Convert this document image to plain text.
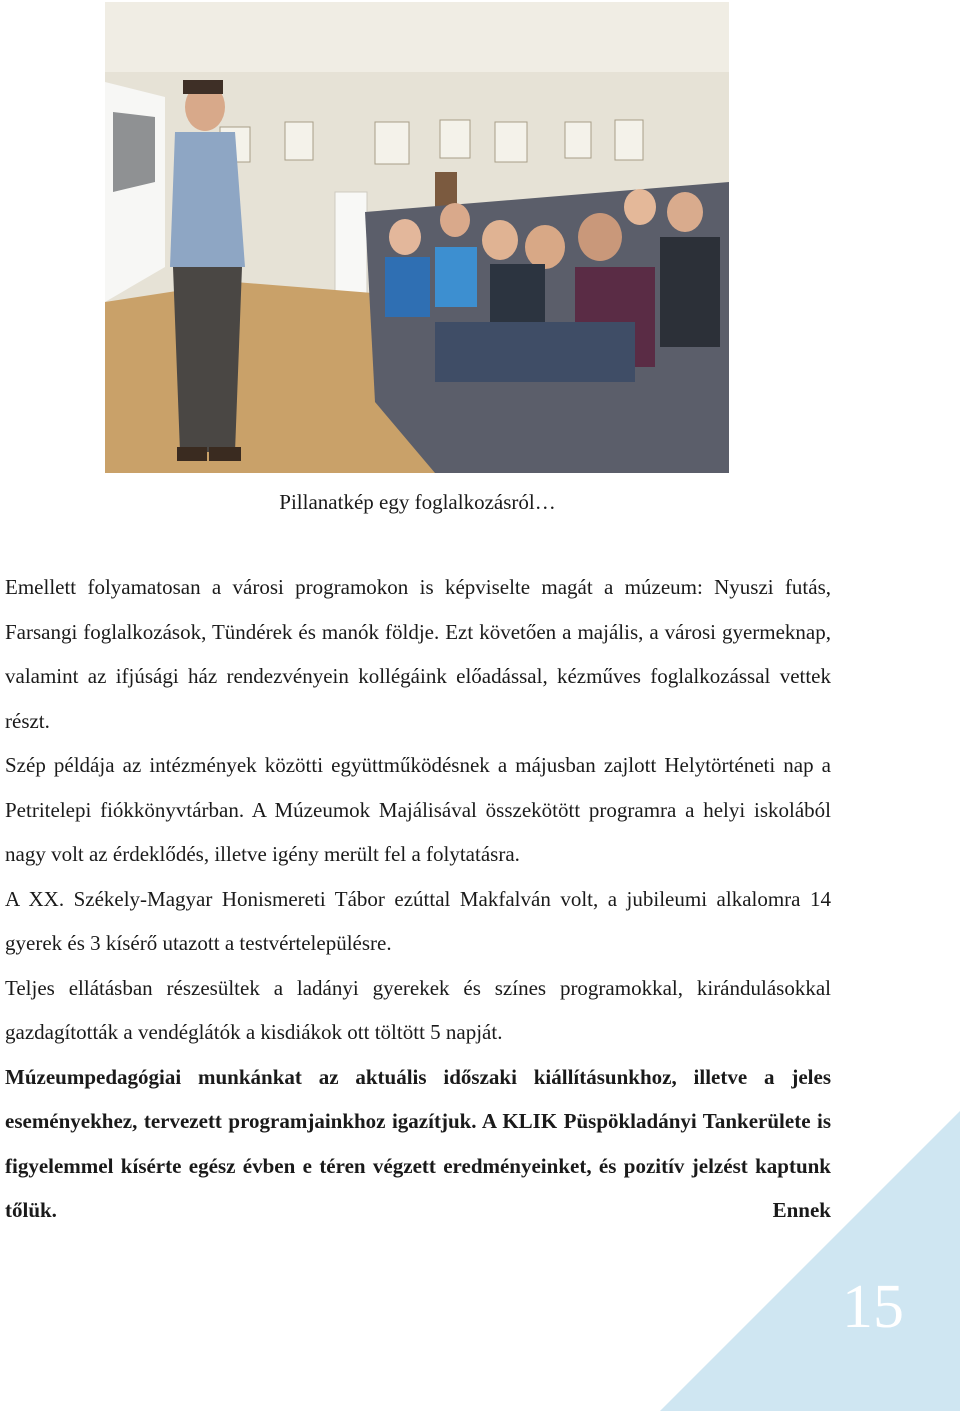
Pillanatkép egy foglalkozásról…

Emellett folyamatosan a városi programokon is képviselte magát a múzeum: Nyuszi futás, Farsangi foglalkozások, Tündérek és manók földje. Ezt követően a majális, a városi gyermeknap, valamint az ifjúsági ház rendezvényein kollégáink előadással, kézműves foglalkozással vettek részt.

Szép példája az intézmények közötti együttműködésnek a májusban zajlott Helytörténeti nap a Petritelepi fiókkönyvtárban. A Múzeumok Majálisával összekötött programra a helyi iskolából nagy volt az érdeklődés, illetve igény merült fel a folytatásra.

A XX. Székely-Magyar Honismereti Tábor ezúttal Makfalván volt, a jubileumi alkalomra 14 gyerek és 3 kísérő utazott a testvértelepülésre.

Teljes ellátásban részesültek a ladányi gyerekek és színes programokkal, kirándulásokkal gazdagították a vendéglátók a kisdiákok ott töltött 5 napját.

Múzeumpedagógiai munkánkat az aktuális időszaki kiállításunkhoz, illetve a jeles eseményekhez, tervezett programjainkhoz igazítjuk. A KLIK Püspökladányi Tankerülete is figyelemmel kísérte egész évben e téren végzett eredményeinket, és pozitív jelzést kaptunk tőlük. Ennek

15
